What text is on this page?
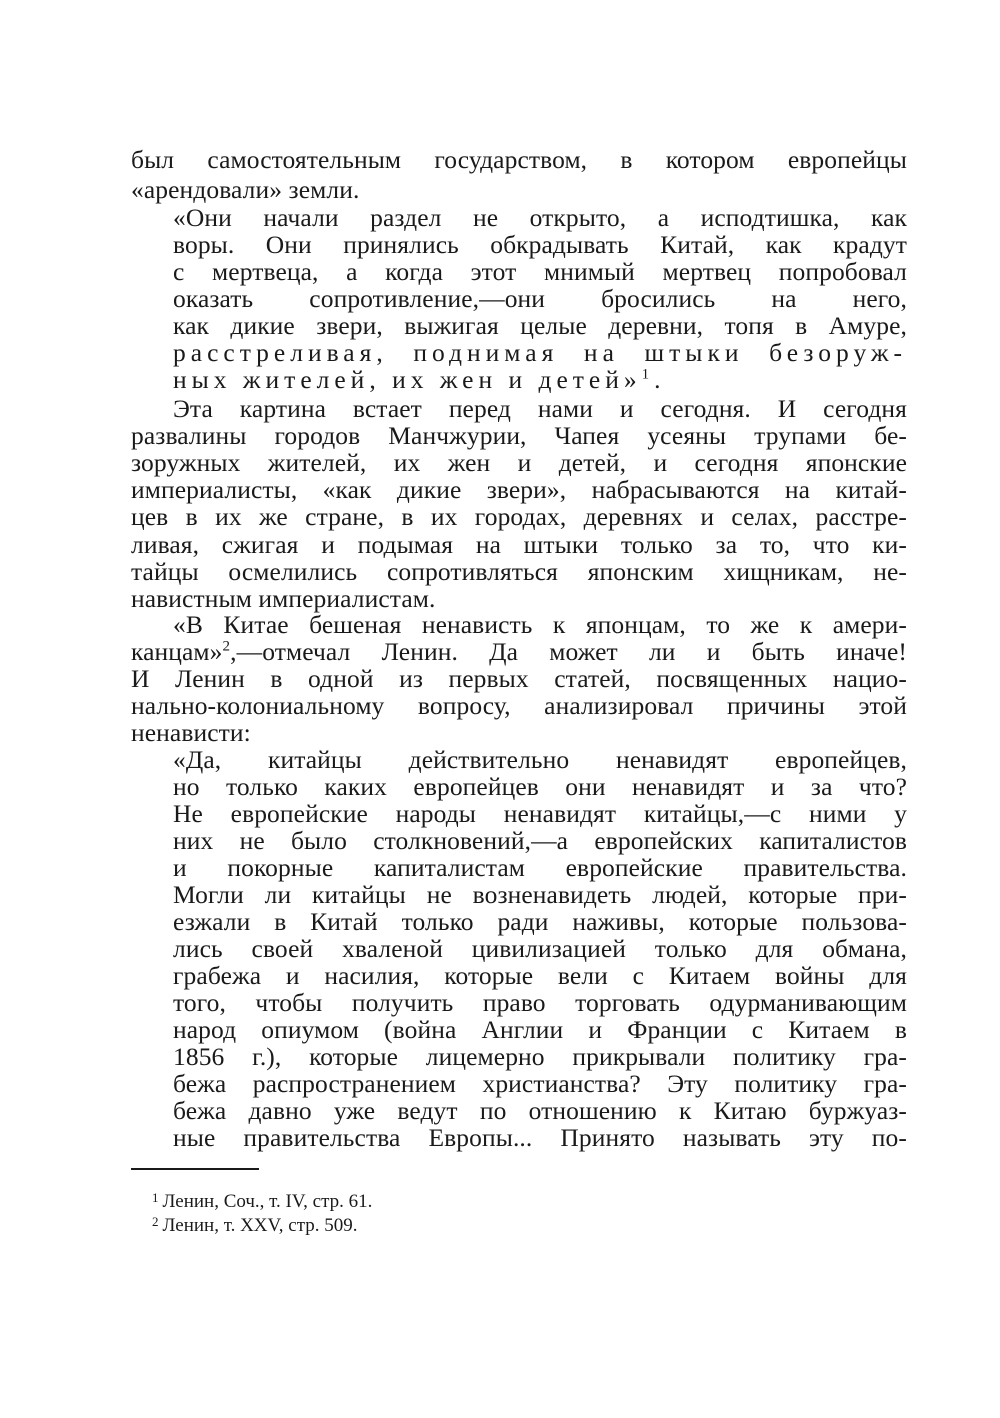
был самостоятельным государством, в котором европейцы
«арендовали» земли.
«Они начали раздел не открыто, а исподтишка, как
воры. Они принялись обкрадывать Китай, как крадут
с мертвеца, а когда этот мнимый мертвец попробовал
оказать сопротивление,—они бросились на него,
как дикие звери, выжигая целые деревни, топя в Амуре,
расстреливая, поднимая на штыки безоруж-
ных жителей, их жен и детей»$^1$.
Эта картина встает перед нами и сегодня. И сегодня
развалины городов Манчжурии, Чапея усеяны трупами бе-
зоружных жителей, их жен и детей, и сегодня японские
империалисты, «как дикие звери», набрасываются на китай-
цев в их же стране, в их городах, деревнях и селах, расстре-
ливая, сжигая и подымая на штыки только за то, что ки-
тайцы осмелились сопротивляться японским хищникам, не-
навистным империалистам.
«В Китае бешеная ненависть к японцам, то же к амери-
канцам»$^2$,—отмечал Ленин. Да может ли и быть иначе!
И Ленин в одной из первых статей, посвященных нацио-
нально-колониальному вопросу, анализировал причины этой
ненависти:
«Да, китайцы действительно ненавидят европейцев,
но только каких европейцев они ненавидят и за что?
Не европейские народы ненавидят китайцы,—с ними у
них не было столкновений,—а европейских капиталистов
и покорные капиталистам европейские правительства.
Могли ли китайцы не возненавидеть людей, которые при-
езжали в Китай только ради наживы, которые пользова-
лись своей хваленой цивилизацией только для обмана,
грабежа и насилия, которые вели с Китаем войны для
того, чтобы получить право торговать одурманивающим
народ опиумом (война Англии и Франции с Китаем в
1856 г.), которые лицемерно прикрывали политику гра-
бежа распространением христианства? Эту политику гра-
бежа давно уже ведут по отношению к Китаю буржуаз-
ные правительства Европы... Принято называть эту по-
$^1$ Ленин, Соч., т. IV, стр. 61.
$^2$ Ленин, т. XXV, стр. 509.
